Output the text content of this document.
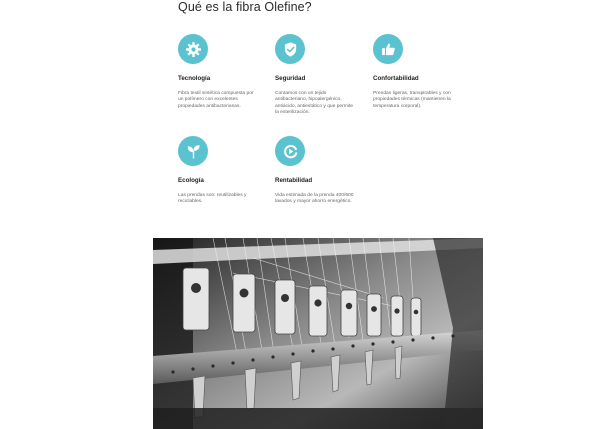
Qué es la fibra Olefine?
Tecnología
Fibra textil sintética compuesta por un polímero con excelentes propiedades antibacterianas.
Seguridad
Contamos con un tejido antibacteriano, hipoalergénico, antiácido, antiestático y que permite la esterilización.
Confortabilidad
Prendas ligeras, transpirables y con propiedades térmicas (mantienen la temperatura corporal).
Ecología
Las prendas son: reutilizables y reciclables.
Rentabilidad
Vida estimada de la prenda 400/600 lavados y mayor ahorro energético.
